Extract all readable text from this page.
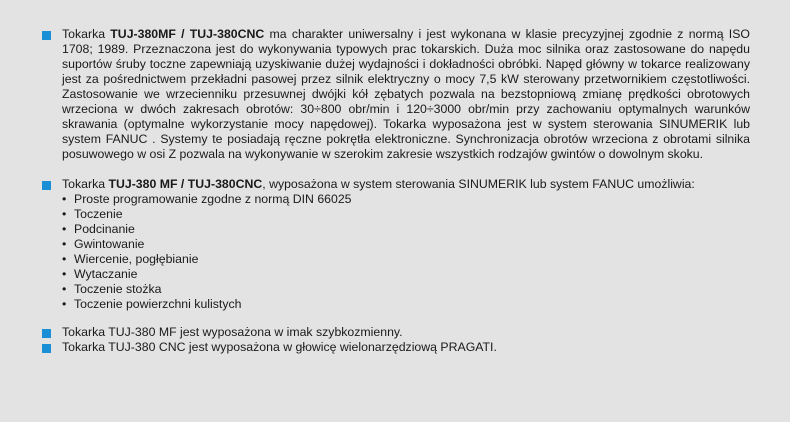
Tokarka TUJ-380MF / TUJ-380CNC ma charakter uniwersalny i jest wykonana w klasie precyzyjnej zgodnie z normą ISO 1708; 1989. Przeznaczona jest do wykonywania typowych prac tokarskich. Duża moc silnika oraz zastosowane do napędu suportów śruby toczne zapewniają uzyskiwanie dużej wydajności i dokładności obróbki. Napęd główny w tokarce realizowany jest za pośrednictwem przekładni pasowej przez silnik elektryczny o mocy 7,5 kW sterowany przetwornikiem częstotliwości. Zastosowanie we wrzecienniku przesuwnej dwójki kół zębatych pozwala na bezstopniową zmianę prędkości obrotowych wrzeciona w dwóch zakresach obrotów: 30÷800 obr/min i 120÷3000 obr/min przy zachowaniu optymalnych warunków skrawania (optymalne wykorzystanie mocy napędowej). Tokarka wyposażona jest w system sterowania SINUMERIK lub system FANUC . Systemy te posiadają ręczne pokrętła elektroniczne. Synchronizacja obrotów wrzeciona z obrotami silnika posuwowego w osi Z pozwala na wykonywanie w szerokim zakresie wszystkich rodzajów gwintów o dowolnym skoku.

Tokarka TUJ-380 MF / TUJ-380CNC, wyposażona w system sterowania SINUMERIK lub system FANUC umożliwia:

• Proste programowanie zgodne z normą DIN 66025
• Toczenie
• Podcinanie
• Gwintowanie
• Wiercenie, pogłębianie
• Wytaczanie
• Toczenie stożka
• Toczenie powierzchni kulistych

Tokarka TUJ-380 MF jest wyposażona w imak szybkozmienny.

Tokarka TUJ-380 CNC jest wyposażona w głowicę wielonarzędziową PRAGATI.
